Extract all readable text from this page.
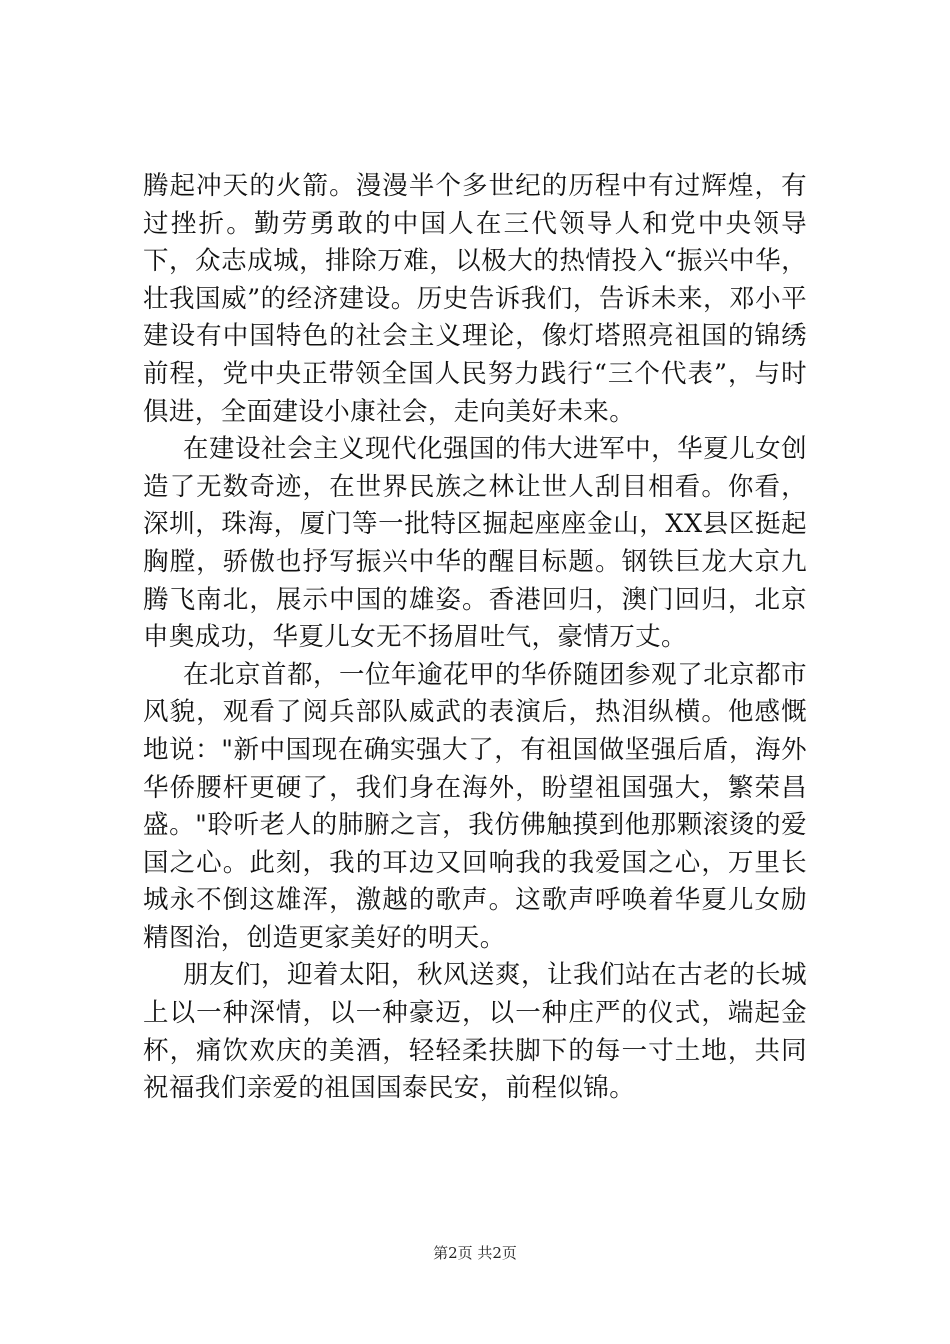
腾起冲天的火箭。漫漫半个多世纪的历程中有过辉煌，有过挫折。勤劳勇敢的中国人在三代领导人和党中央领导下，众志成城，排除万难，以极大的热情投入“振兴中华，壮我国威”的经济建设。历史告诉我们，告诉未来，邓小平建设有中国特色的社会主义理论，像灯塔照亮祖国的锦绣前程，党中央正带领全国人民努力践行“三个代表”，与时俱进，全面建设小康社会，走向美好未来。

在建设社会主义现代化强国的伟大进军中，华夏儿女创造了无数奇迹，在世界民族之林让世人刮目相看。你看，深圳，珠海，厦门等一批特区掘起座座金山，XX县区挺起胸膛，骄傲也抒写振兴中华的醒目标题。钢铁巨龙大京九腾飞南北，展示中国的雄姿。香港回归，澳门回归，北京申奥成功，华夏儿女无不扬眉吐气，豪情万丈。

在北京首都，一位年逾花甲的华侨随团参观了北京都市风貌，观看了阅兵部队威武的表演后，热泪纵横。他感慨地说："新中国现在确实强大了，有祖国做坚强后盾，海外华侨腰杆更硬了，我们身在海外，盼望祖国强大，繁荣昌盛。"聆听老人的肺腑之言，我仿佛触摸到他那颗滚烫的爱国之心。此刻，我的耳边又回响我的我爱国之心，万里长城永不倒这雄浑，激越的歌声。这歌声呼唤着华夏儿女励精图治，创造更家美好的明天。

朋友们，迎着太阳，秋风送爽，让我们站在古老的长城上以一种深情，以一种豪迈，以一种庄严的仪式，端起金杯，痛饮欢庆的美酒，轻轻柔扶脚下的每一寸土地，共同祝福我们亲爱的祖国国泰民安，前程似锦。

第2页 共2页
